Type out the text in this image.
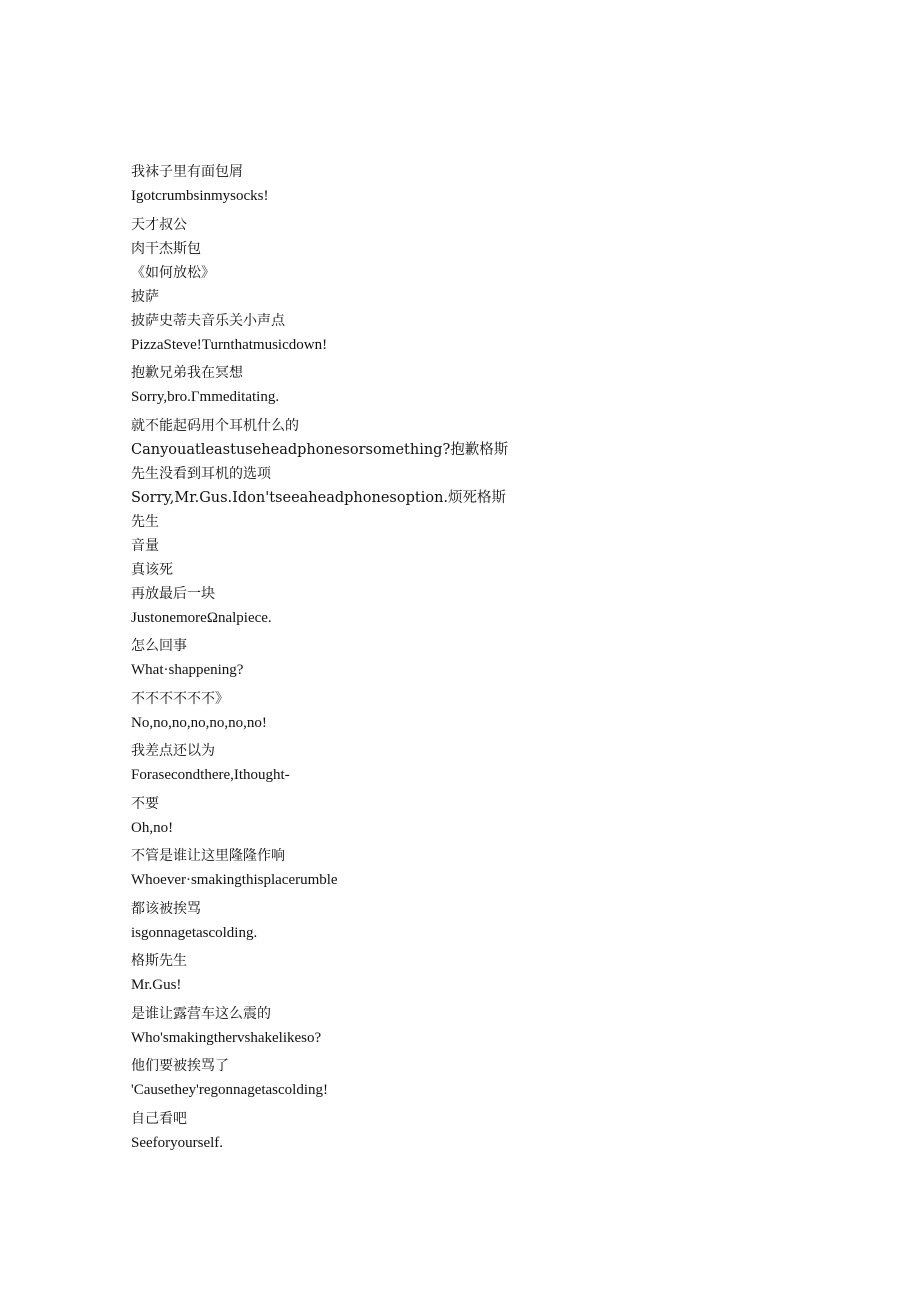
我袜子里有面包屑
Igotcrumbsinmysocks!
天才叔公
肉干杰斯包
《如何放松》
披萨
披萨史蒂夫音乐关小声点
PizzaSteve!Turnthatmusicdown!
抱歉兄弟我在冥想
Sorry,bro.Γmmeditating.
就不能起码用个耳机什么的
Canyouatleastuseheadphonesorsomething?抱歉格斯
先生没看到耳机的选项
Sorry,Mr.Gus.Idon'tseeaheadphonesoption.烦死格斯
先生
音量
真该死
再放最后一块
JustonemoreΩnalpiece.
怎么回事
What·shappening?
不不不不不不》
No,no,no,no,no,no,no!
我差点还以为
Forasecondthere,Ithought-
不要
Oh,no!
不管是谁让这里隆隆作响
Whoever·smakingthisplacerumble
都该被挨骂
isgonnagetascolding.
格斯先生
Mr.Gus!
是谁让露营车这么震的
Who'smakingthervshakelikeso?
他们要被挨骂了
'Causethey'regonnagetascolding!
自己看吧
Seeforyourself.
